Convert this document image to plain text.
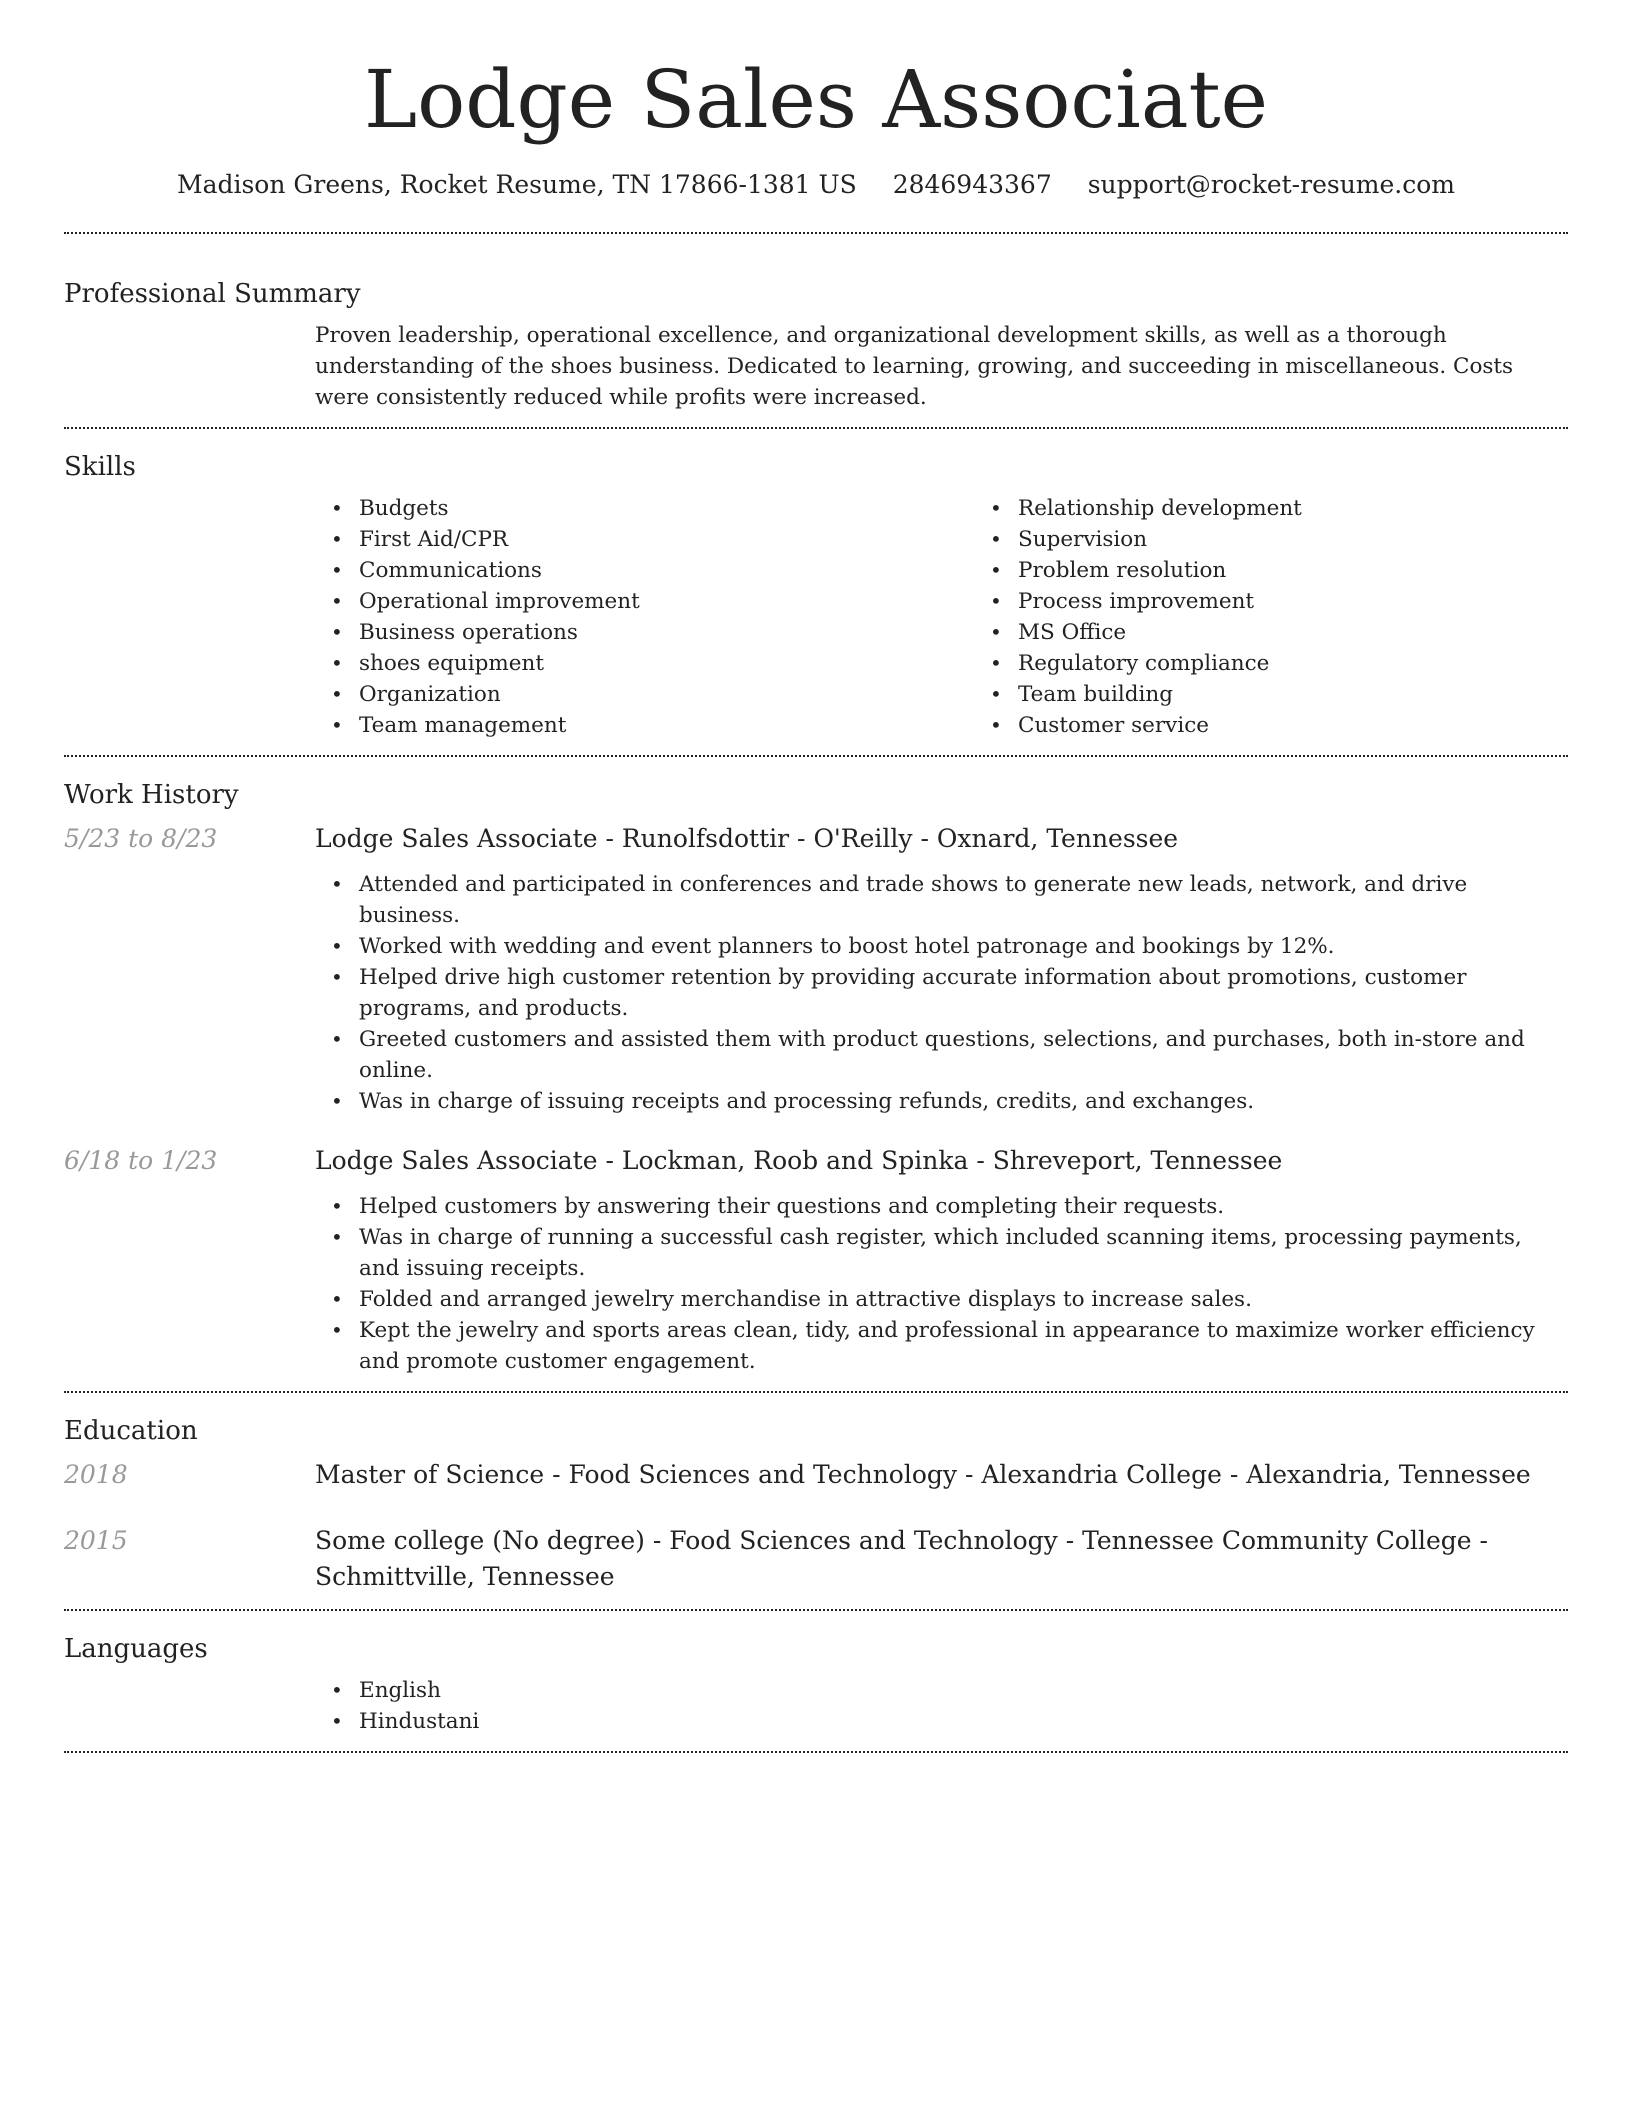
Lodge Sales Associate
Madison Greens, Rocket Resume, TN 17866-1381 US 2846943367 support@rocket-resume.com
Professional Summary

Proven leadership, operational excellence, and organizational development skills, as well as a thorough understanding of the shoes business. Dedicated to learning, growing, and succeeding in miscellaneous. Costs were consistently reduced while profits were increased.

Skills
• Budgets
• First Aid/CPR
• Communications
• Operational improvement
• Business operations
• shoes equipment
• Organization
• Team management
• Relationship development
• Supervision
• Problem resolution
• Process improvement
• MS Office
• Regulatory compliance
• Team building
• Customer service
Work History
5/23 to 8/23	Lodge Sales Associate - Runolfsdottir - O'Reilly - Oxnard, Tennessee
• Attended and participated in conferences and trade shows to generate new leads, network, and drive business.
• Worked with wedding and event planners to boost hotel patronage and bookings by 12%.
• Helped drive high customer retention by providing accurate information about promotions, customer programs, and products.
• Greeted customers and assisted them with product questions, selections, and purchases, both in-store and online.
• Was in charge of issuing receipts and processing refunds, credits, and exchanges.
6/18 to 1/23	Lodge Sales Associate - Lockman, Roob and Spinka - Shreveport, Tennessee
• Helped customers by answering their questions and completing their requests.
• Was in charge of running a successful cash register, which included scanning items, processing payments, and issuing receipts.
• Folded and arranged jewelry merchandise in attractive displays to increase sales.
• Kept the jewelry and sports areas clean, tidy, and professional in appearance to maximize worker efficiency and promote customer engagement.
Education
2018	Master of Science - Food Sciences and Technology - Alexandria College - Alexandria, Tennessee
2015	Some college (No degree) - Food Sciences and Technology - Tennessee Community College - Schmittville, Tennessee
Languages
• English
• Hindustani
